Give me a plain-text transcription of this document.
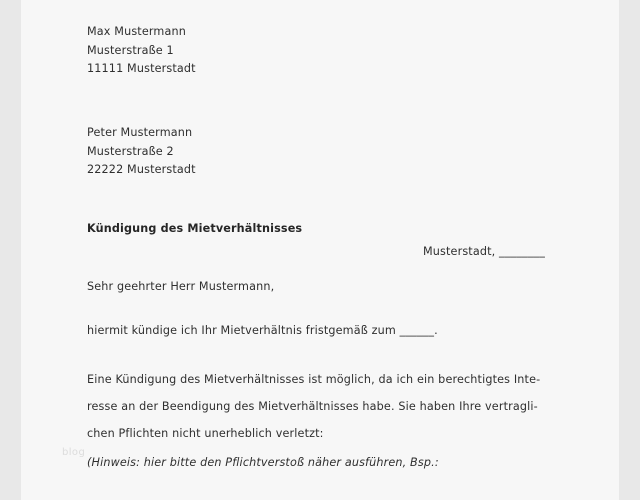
Max Mustermann
Musterstraße 1
11111 Musterstadt
Peter Mustermann
Musterstraße 2
22222 Musterstadt
Kündigung des Mietverhältnisses
Musterstadt, ________
Sehr geehrter Herr Mustermann,
hiermit kündige ich Ihr Mietverhältnis fristgemäß zum ______.
Eine Kündigung des Mietverhältnisses ist möglich, da ich ein berechtigtes Inte-
resse an der Beendigung des Mietverhältnisses habe. Sie haben Ihre vertragli-
chen Pflichten nicht unerheblich verletzt:
(Hinweis: hier bitte den Pflichtverstoß näher ausführen, Bsp.:
blog
